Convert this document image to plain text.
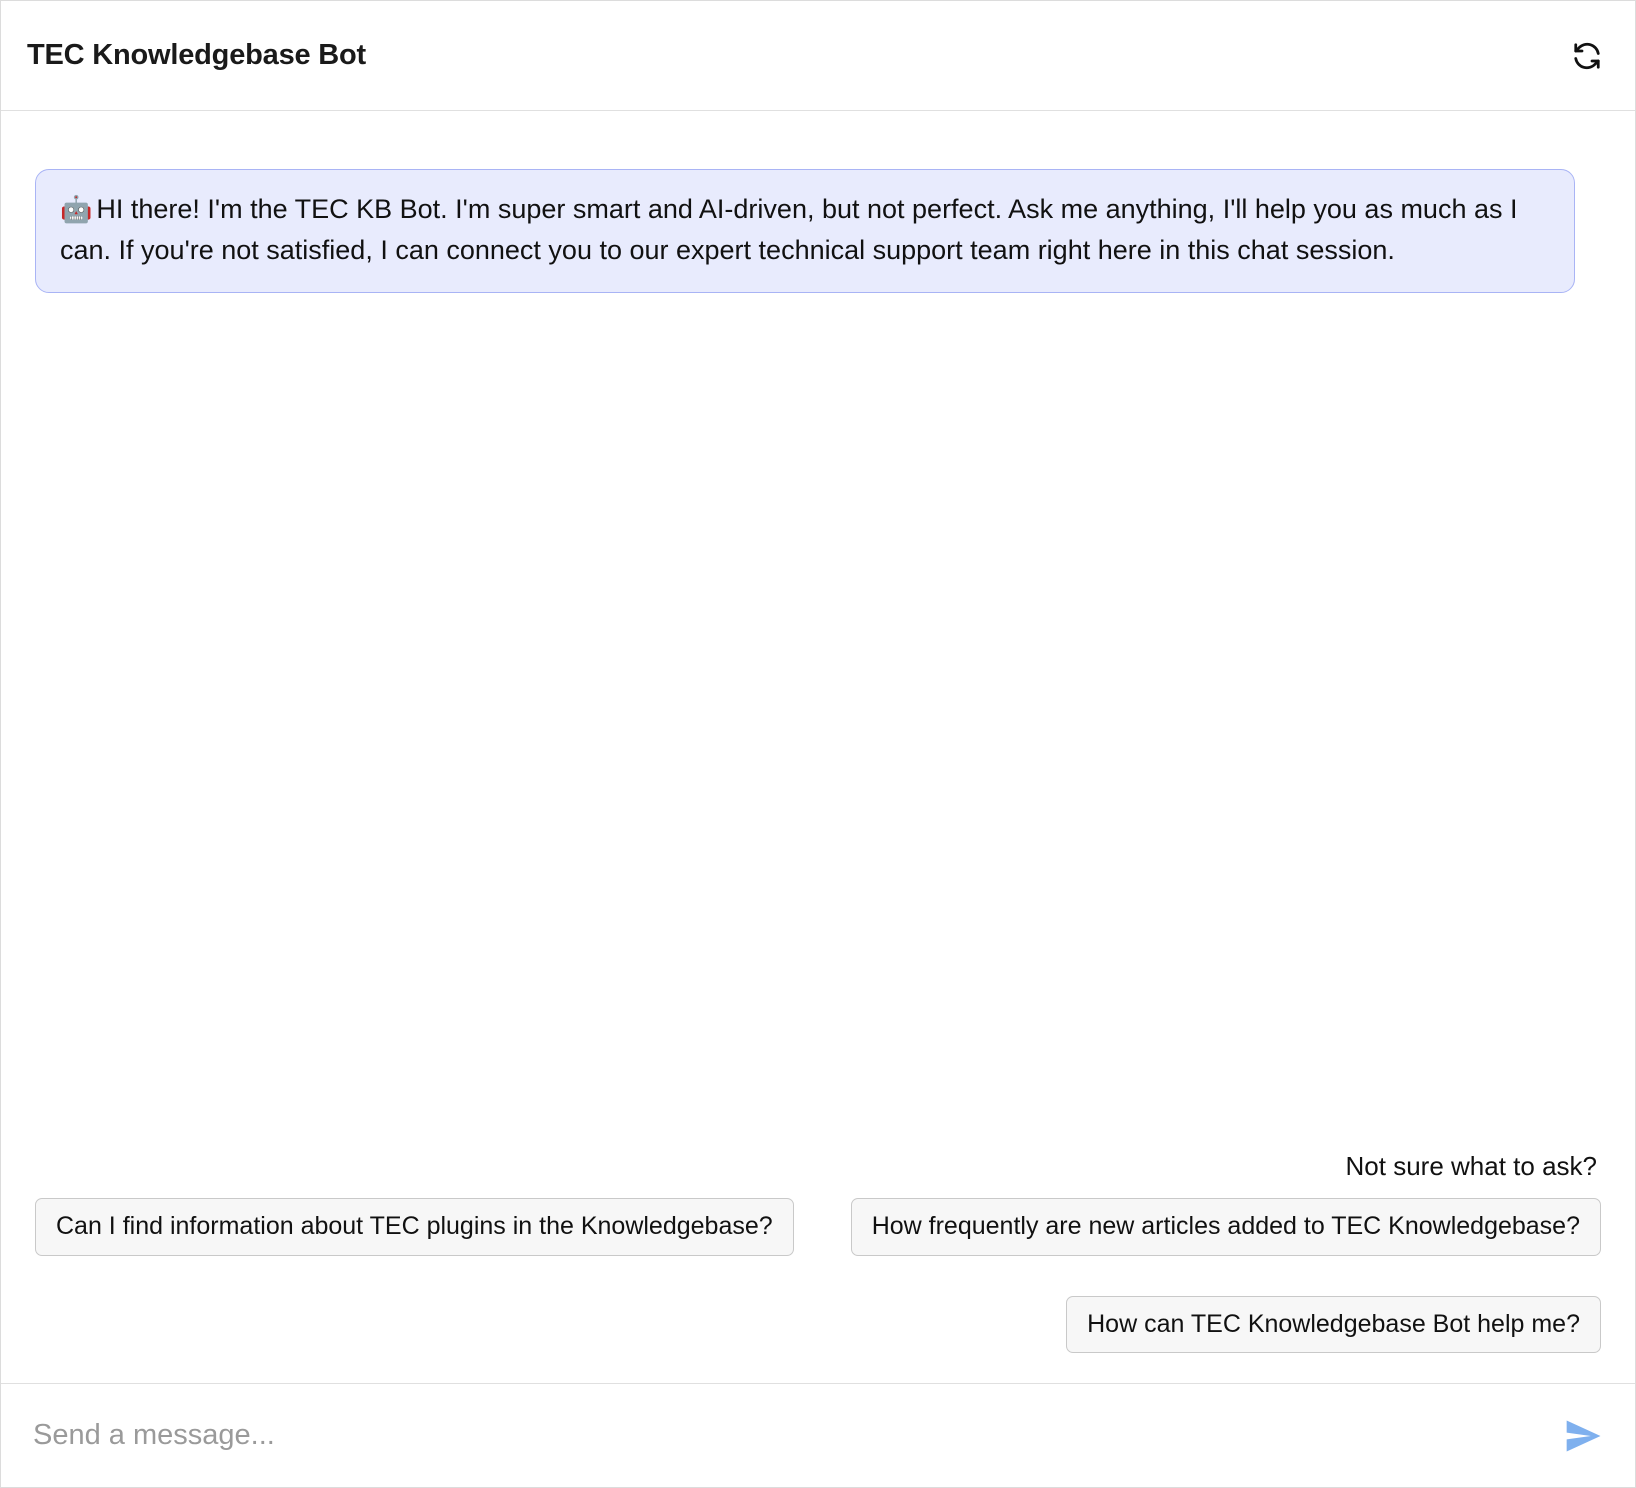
TEC Knowledgebase Bot
🤖 HI there! I'm the TEC KB Bot. I'm super smart and AI-driven, but not perfect. Ask me anything, I'll help you as much as I can. If you're not satisfied, I can connect you to our expert technical support team right here in this chat session.
Not sure what to ask?
Can I find information about TEC plugins in the Knowledgebase?	How frequently are new articles added to TEC Knowledgebase?
How can TEC Knowledgebase Bot help me?
Send a message...
